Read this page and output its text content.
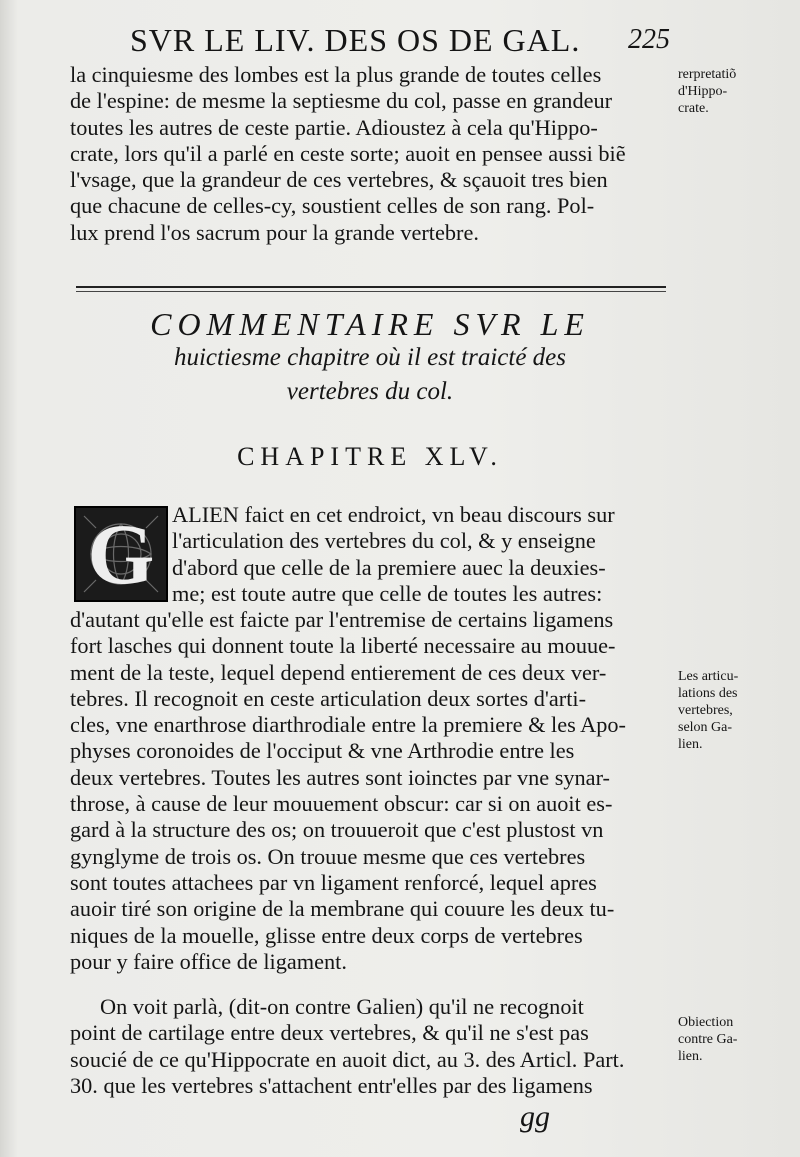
SVR LE LIV. DES OS DE GAL. 225
la cinquiesme des lombes est la plus grande de toutes celles
de l'espine: de mesme la septiesme du col, passe en grandeur
toutes les autres de ceste partie. Adioustez à cela qu'Hippo-
crate, lors qu'il a parlé en ceste sorte; auoit en pensee aussi biẽ
l'vsage, que la grandeur de ces vertebres, & sçauoit tres bien
que chacune de celles-cy, soustient celles de son rang. Pol-
lux prend l'os sacrum pour la grande vertebre.
rerpretatiõ
d'Hippo-
crate.
COMMENTAIRE SVR LE
huictiesme chapitre où il est traicté des
vertebres du col.
CHAPITRE XLV.
G ALIEN faict en cet endroict, vn beau discours sur
l'articulation des vertebres du col, & y enseigne
d'abord que celle de la premiere auec la deuxies-
me; est toute autre que celle de toutes les autres:
d'autant qu'elle est faicte par l'entremise de certains ligamens
fort lasches qui donnent toute la liberté necessaire au mouue-
ment de la teste, lequel depend entierement de ces deux ver-
tebres. Il recognoit en ceste articulation deux sortes d'arti-
cles, vne enarthrose diarthrodiale entre la premiere & les Apo-
physes coronoides de l'occiput & vne Arthrodie entre les
deux vertebres. Toutes les autres sont ioinctes par vne synar-
throse, à cause de leur mouuement obscur: car si on auoit es-
gard à la structure des os; on trouueroit que c'est plustost vn
gynglyme de trois os. On trouue mesme que ces vertebres
sont toutes attachees par vn ligament renforcé, lequel apres
auoir tiré son origine de la membrane qui couure les deux tu-
niques de la mouelle, glisse entre deux corps de vertebres
pour y faire office de ligament.
Les articu-
lations des
vertebres,
selon Ga-
lien.
On voit parlà, (dit-on contre Galien) qu'il ne recognoit
point de cartilage entre deux vertebres, & qu'il ne s'est pas
soucié de ce qu'Hippocrate en auoit dict, au 3. des Articl. Part.
30. que les vertebres s'attachent entr'elles par des ligamens
Obiection
contre Ga-
lien.
gg
